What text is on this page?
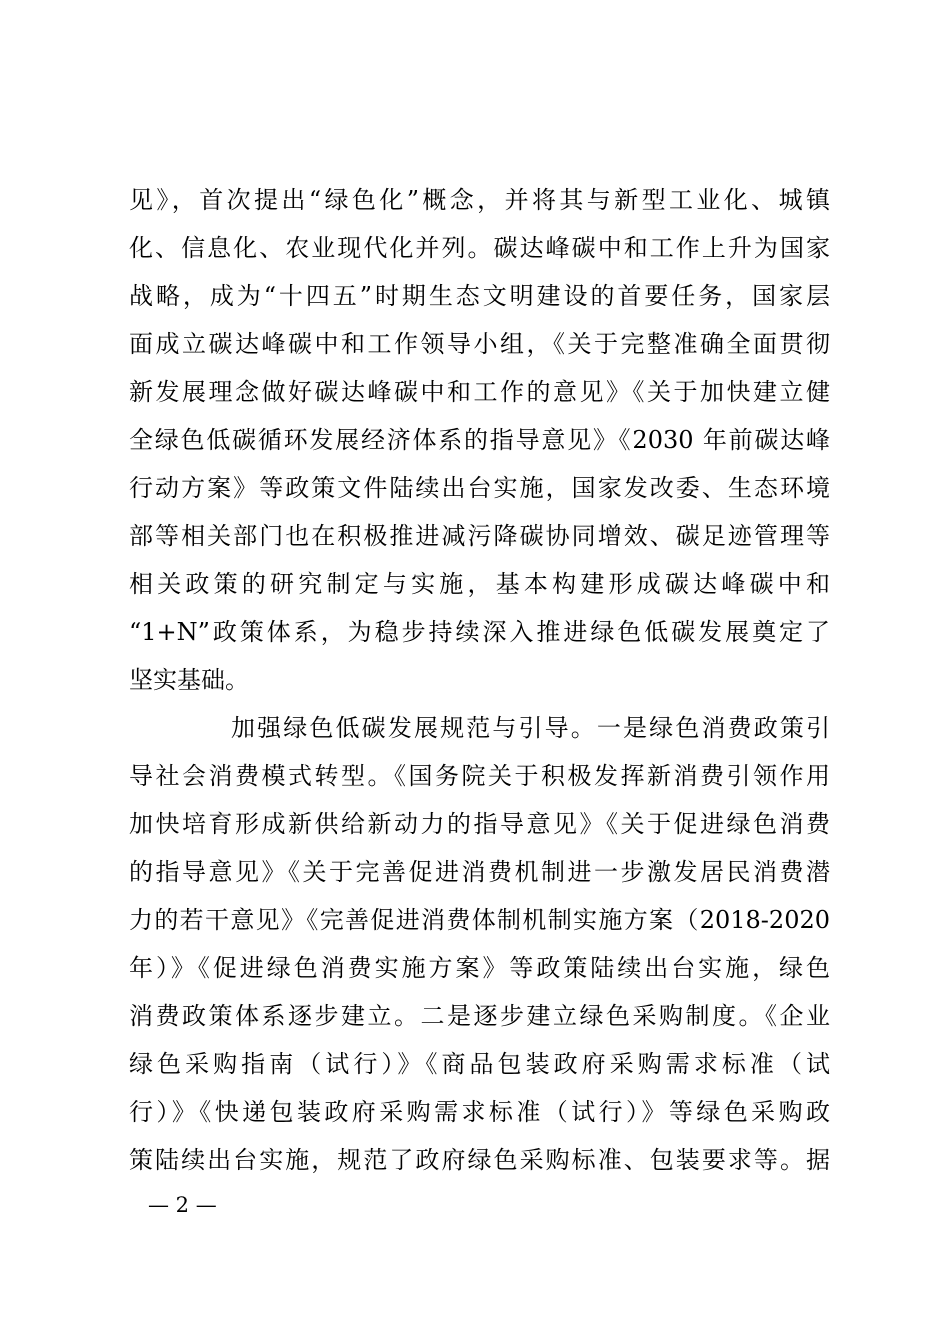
见》，首次提出“绿色化”概念，并将其与新型工业化、城镇
化、信息化、农业现代化并列。碳达峰碳中和工作上升为国家
战略，成为“十四五”时期生态文明建设的首要任务，国家层
面成立碳达峰碳中和工作领导小组，《关于完整准确全面贯彻
新发展理念做好碳达峰碳中和工作的意见》《关于加快建立健
全绿色低碳循环发展经济体系的指导意见》《2030 年前碳达峰
行动方案》等政策文件陆续出台实施，国家发改委、生态环境
部等相关部门也在积极推进减污降碳协同增效、碳足迹管理等
相关政策的研究制定与实施，基本构建形成碳达峰碳中和
“1+N”政策体系，为稳步持续深入推进绿色低碳发展奠定了
坚实基础。
加强绿色低碳发展规范与引导。一是绿色消费政策引
导社会消费模式转型。《国务院关于积极发挥新消费引领作用
加快培育形成新供给新动力的指导意见》《关于促进绿色消费
的指导意见》《关于完善促进消费机制进一步激发居民消费潜
力的若干意见》《完善促进消费体制机制实施方案（2018-2020
年）》《促进绿色消费实施方案》等政策陆续出台实施，绿色
消费政策体系逐步建立。二是逐步建立绿色采购制度。《企业
绿色采购指南（试行）》《商品包装政府采购需求标准（试
行）》《快递包装政府采购需求标准（试行）》等绿色采购政
策陆续出台实施，规范了政府绿色采购标准、包装要求等。据
— 2 —
